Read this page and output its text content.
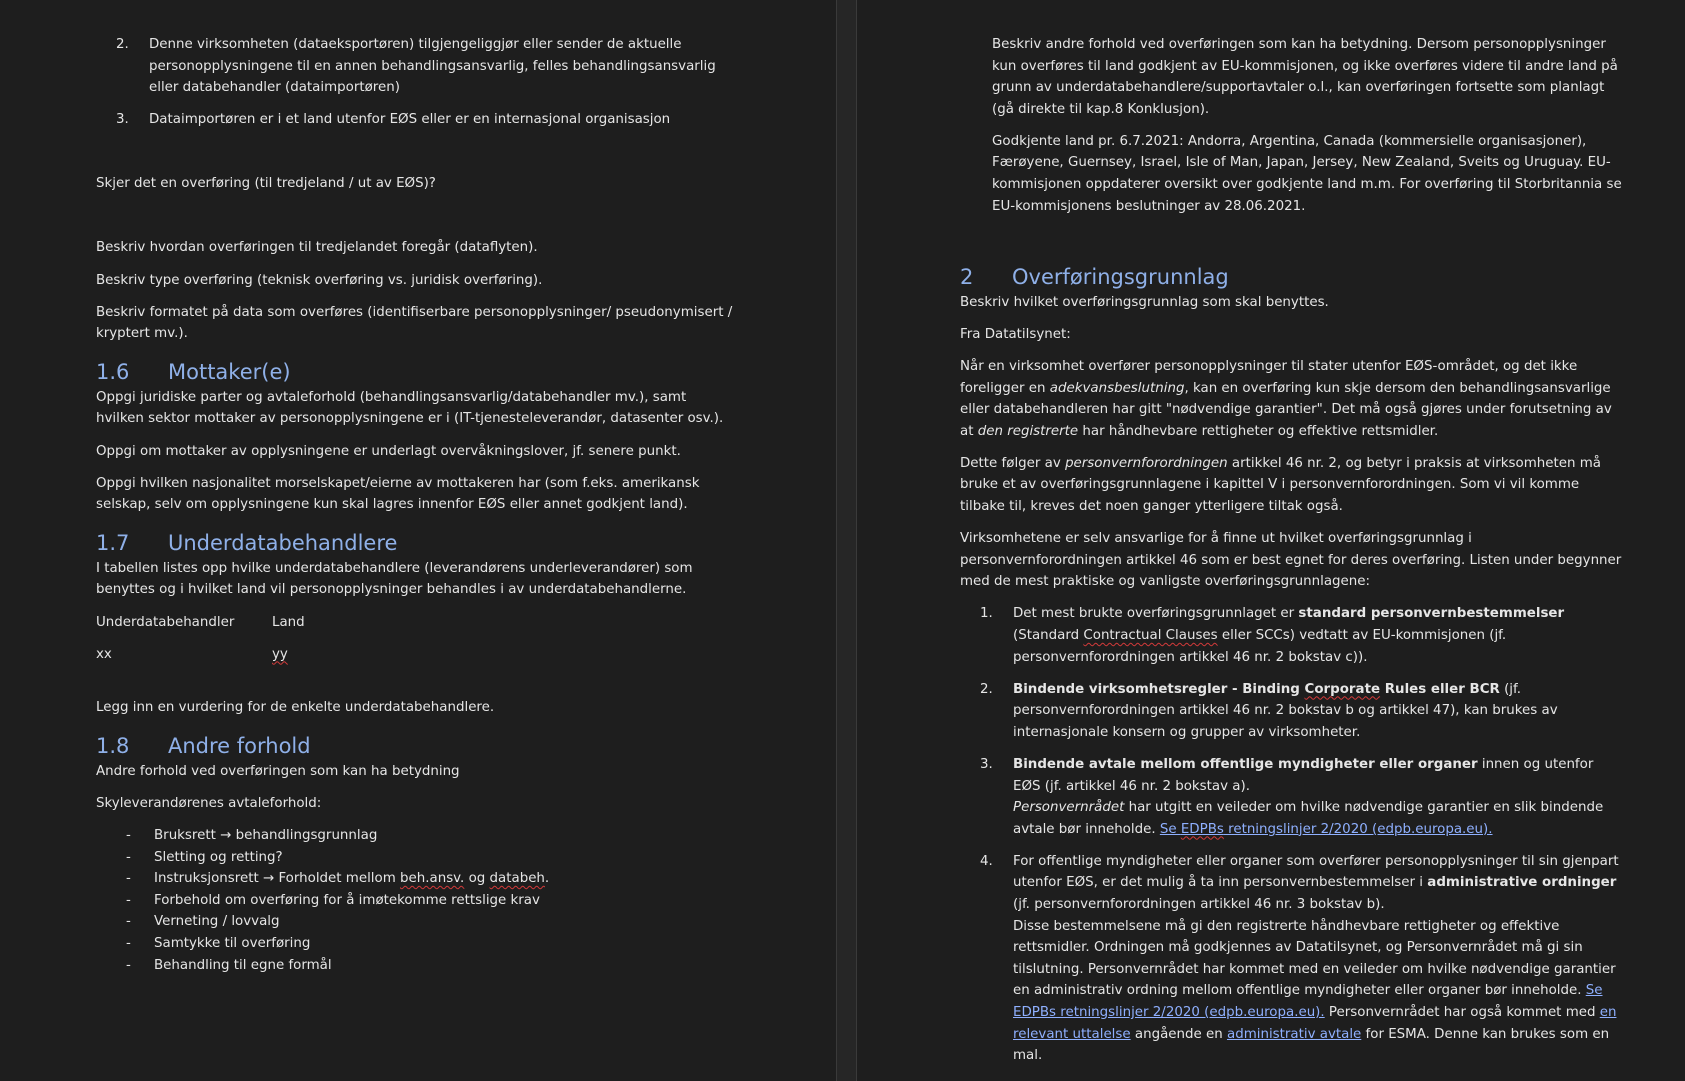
2. Denne virksomheten (dataeksportøren) tilgjengeliggjør eller sender de aktuelle personopplysningene til en annen behandlingsansvarlig, felles behandlingsansvarlig eller databehandler (dataimportøren)
3. Dataimportøren er i et land utenfor EØS eller er en internasjonal organisasjon

Skjer det en overføring (til tredjeland / ut av EØS)?

Beskriv hvordan overføringen til tredjelandet foregår (dataflyten).

Beskriv type overføring (teknisk overføring vs. juridisk overføring).

Beskriv formatet på data som overføres (identifiserbare personopplysninger/ pseudonymisert / kryptert mv.).

1.6 Mottaker(e)

Oppgi juridiske parter og avtaleforhold (behandlingsansvarlig/databehandler mv.), samt hvilken sektor mottaker av personopplysningene er i (IT-tjenesteleverandør, datasenter osv.).

Oppgi om mottaker av opplysningene er underlagt overvåkningslover, jf. senere punkt.

Oppgi hvilken nasjonalitet morselskapet/eierne av mottakeren har (som f.eks. amerikansk selskap, selv om opplysningene kun skal lagres innenfor EØS eller annet godkjent land).

1.7 Underdatabehandlere

I tabellen listes opp hvilke underdatabehandlere (leverandørens underleverandører) som benyttes og i hvilket land vil personopplysninger behandles i av underdatabehandlerne.

Underdatabehandler	Land
xx	yy

Legg inn en vurdering for de enkelte underdatabehandlere.

1.8 Andre forhold

Andre forhold ved overføringen som kan ha betydning

Skyleverandørenes avtaleforhold:

- Bruksrett → behandlingsgrunnlag
- Sletting og retting?
- Instruksjonsrett → Forholdet mellom beh.ansv. og databeh.
- Forbehold om overføring for å imøtekomme rettslige krav
- Verneting / lovvalg
- Samtykke til overføring
- Behandling til egne formål

Beskriv andre forhold ved overføringen som kan ha betydning. Dersom personopplysninger kun overføres til land godkjent av EU-kommisjonen, og ikke overføres videre til andre land på grunn av underdatabehandlere/supportavtaler o.l., kan overføringen fortsette som planlagt (gå direkte til kap.8 Konklusjon).

Godkjente land pr. 6.7.2021: Andorra, Argentina, Canada (kommersielle organisasjoner), Færøyene, Guernsey, Israel, Isle of Man, Japan, Jersey, New Zealand, Sveits og Uruguay. EU-kommisjonen oppdaterer oversikt over godkjente land m.m. For overføring til Storbritannia se EU-kommisjonens beslutninger av 28.06.2021.

2 Overføringsgrunnlag

Beskriv hvilket overføringsgrunnlag som skal benyttes.

Fra Datatilsynet:

Når en virksomhet overfører personopplysninger til stater utenfor EØS-området, og det ikke foreligger en adekvansbeslutning, kan en overføring kun skje dersom den behandlingsansvarlige eller databehandleren har gitt "nødvendige garantier". Det må også gjøres under forutsetning av at den registrerte har håndhevbare rettigheter og effektive rettsmidler.

Dette følger av personvernforordningen artikkel 46 nr. 2, og betyr i praksis at virksomheten må bruke et av overføringsgrunnlagene i kapittel V i personvernforordningen. Som vi vil komme tilbake til, kreves det noen ganger ytterligere tiltak også.

Virksomhetene er selv ansvarlige for å finne ut hvilket overføringsgrunnlag i personvernforordningen artikkel 46 som er best egnet for deres overføring. Listen under begynner med de mest praktiske og vanligste overføringsgrunnlagene:

1. Det mest brukte overføringsgrunnlaget er standard personvernbestemmelser (Standard Contractual Clauses eller SCCs) vedtatt av EU-kommisjonen (jf. personvernforordningen artikkel 46 nr. 2 bokstav c)).
2. Bindende virksomhetsregler - Binding Corporate Rules eller BCR (jf. personvernforordningen artikkel 46 nr. 2 bokstav b og artikkel 47), kan brukes av internasjonale konsern og grupper av virksomheter.
3. Bindende avtale mellom offentlige myndigheter eller organer innen og utenfor EØS (jf. artikkel 46 nr. 2 bokstav a).
Personvernrådet har utgitt en veileder om hvilke nødvendige garantier en slik bindende avtale bør inneholde. Se EDPBs retningslinjer 2/2020 (edpb.europa.eu).
4. For offentlige myndigheter eller organer som overfører personopplysninger til sin gjenpart utenfor EØS, er det mulig å ta inn personvernbestemmelser i administrative ordninger (jf. personvernforordningen artikkel 46 nr. 3 bokstav b).
Disse bestemmelsene må gi den registrerte håndhevbare rettigheter og effektive rettsmidler. Ordningen må godkjennes av Datatilsynet, og Personvernrådet må gi sin tilslutning. Personvernrådet har kommet med en veileder om hvilke nødvendige garantier en administrativ ordning mellom offentlige myndigheter eller organer bør inneholde. Se EDPBs retningslinjer 2/2020 (edpb.europa.eu). Personvernrådet har også kommet med en relevant uttalelse angående en administrativ avtale for ESMA. Denne kan brukes som en mal.
